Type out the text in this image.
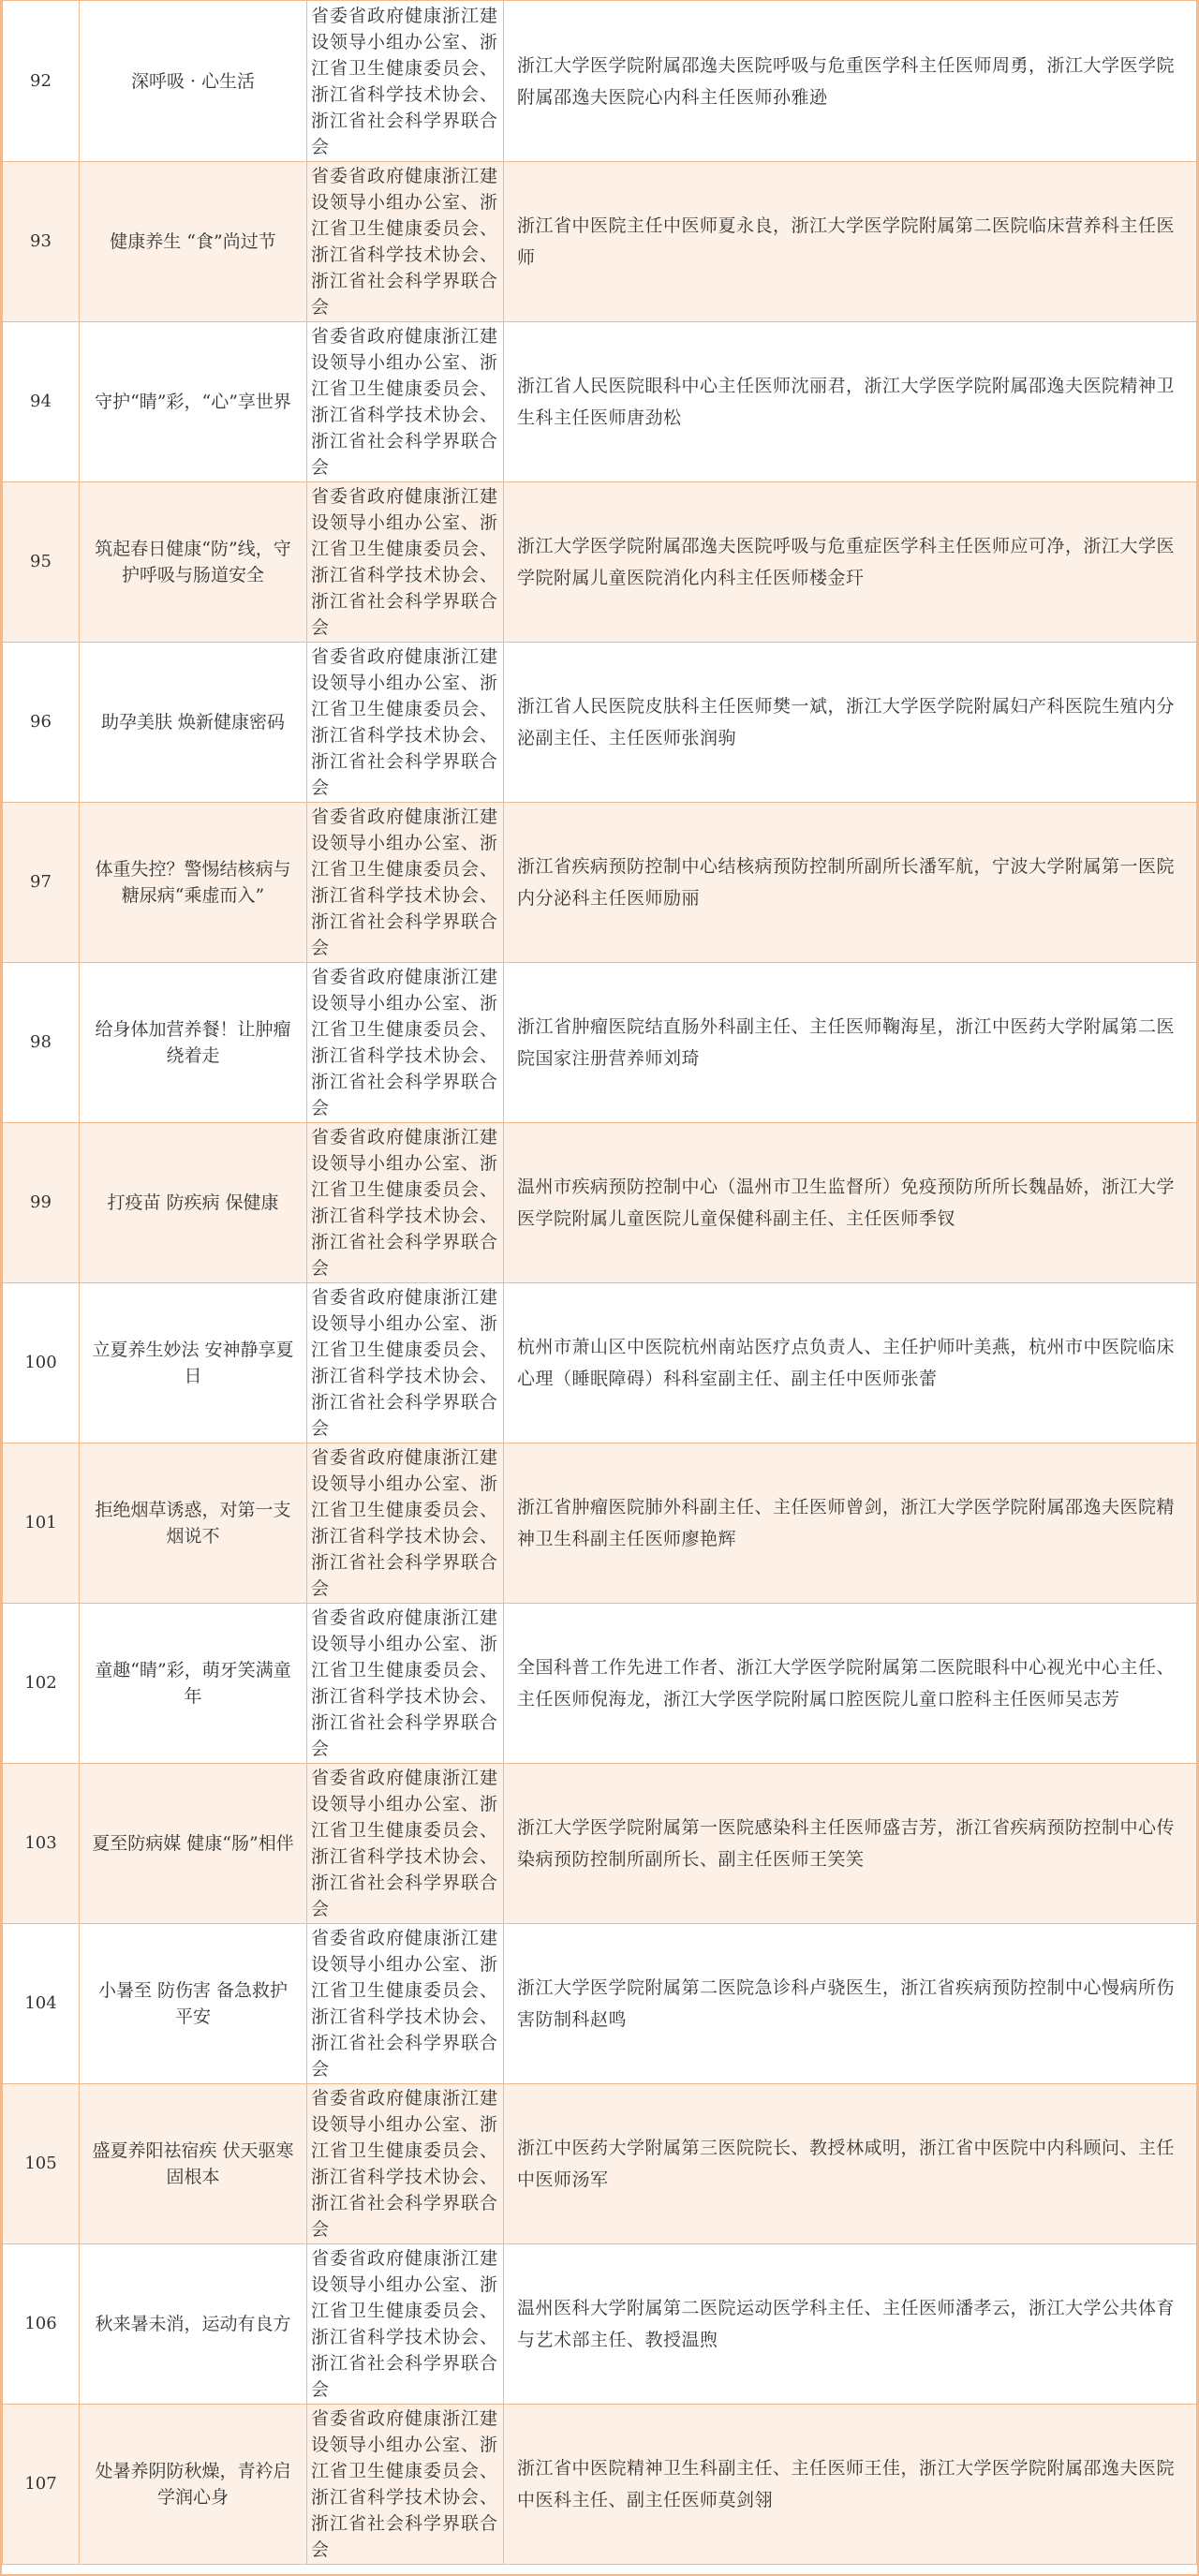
92	深呼吸 · 心生活	省委省政府健康浙江建设领导小组办公室、浙江省卫生健康委员会、浙江省科学技术协会、浙江省社会科学界联合会	浙江大学医学院附属邵逸夫医院呼吸与危重医学科主任医师周勇，浙江大学医学院附属邵逸夫医院心内科主任医师孙雅逊
93	健康养生 “食”尚过节	省委省政府健康浙江建设领导小组办公室、浙江省卫生健康委员会、浙江省科学技术协会、浙江省社会科学界联合会	浙江省中医院主任中医师夏永良，浙江大学医学院附属第二医院临床营养科主任医师
94	守护“睛”彩，“心”享世界	省委省政府健康浙江建设领导小组办公室、浙江省卫生健康委员会、浙江省科学技术协会、浙江省社会科学界联合会	浙江省人民医院眼科中心主任医师沈丽君，浙江大学医学院附属邵逸夫医院精神卫生科主任医师唐劲松
95	筑起春日健康“防”线，守护呼吸与肠道安全	省委省政府健康浙江建设领导小组办公室、浙江省卫生健康委员会、浙江省科学技术协会、浙江省社会科学界联合会	浙江大学医学院附属邵逸夫医院呼吸与危重症医学科主任医师应可净，浙江大学医学院附属儿童医院消化内科主任医师楼金玕
96	助孕美肤 焕新健康密码	省委省政府健康浙江建设领导小组办公室、浙江省卫生健康委员会、浙江省科学技术协会、浙江省社会科学界联合会	浙江省人民医院皮肤科主任医师樊一斌，浙江大学医学院附属妇产科医院生殖内分泌副主任、主任医师张润驹
97	体重失控？警惕结核病与糖尿病“乘虚而入”	省委省政府健康浙江建设领导小组办公室、浙江省卫生健康委员会、浙江省科学技术协会、浙江省社会科学界联合会	浙江省疾病预防控制中心结核病预防控制所副所长潘军航，宁波大学附属第一医院内分泌科主任医师励丽
98	给身体加营养餐！让肿瘤绕着走	省委省政府健康浙江建设领导小组办公室、浙江省卫生健康委员会、浙江省科学技术协会、浙江省社会科学界联合会	浙江省肿瘤医院结直肠外科副主任、主任医师鞠海星，浙江中医药大学附属第二医院国家注册营养师刘琦
99	打疫苗 防疾病 保健康	省委省政府健康浙江建设领导小组办公室、浙江省卫生健康委员会、浙江省科学技术协会、浙江省社会科学界联合会	温州市疾病预防控制中心（温州市卫生监督所）免疫预防所所长魏晶娇，浙江大学医学院附属儿童医院儿童保健科副主任、主任医师季钗
100	立夏养生妙法 安神静享夏日	省委省政府健康浙江建设领导小组办公室、浙江省卫生健康委员会、浙江省科学技术协会、浙江省社会科学界联合会	杭州市萧山区中医院杭州南站医疗点负责人、主任护师叶美燕，杭州市中医院临床心理（睡眠障碍）科科室副主任、副主任中医师张蕾
101	拒绝烟草诱惑，对第一支烟说不	省委省政府健康浙江建设领导小组办公室、浙江省卫生健康委员会、浙江省科学技术协会、浙江省社会科学界联合会	浙江省肿瘤医院肺外科副主任、主任医师曾剑，浙江大学医学院附属邵逸夫医院精神卫生科副主任医师廖艳辉
102	童趣“睛”彩，萌牙笑满童年	省委省政府健康浙江建设领导小组办公室、浙江省卫生健康委员会、浙江省科学技术协会、浙江省社会科学界联合会	全国科普工作先进工作者、浙江大学医学院附属第二医院眼科中心视光中心主任、主任医师倪海龙，浙江大学医学院附属口腔医院儿童口腔科主任医师吴志芳
103	夏至防病媒 健康“肠”相伴	省委省政府健康浙江建设领导小组办公室、浙江省卫生健康委员会、浙江省科学技术协会、浙江省社会科学界联合会	浙江大学医学院附属第一医院感染科主任医师盛吉芳，浙江省疾病预防控制中心传染病预防控制所副所长、副主任医师王笑笑
104	小暑至 防伤害 备急救护平安	省委省政府健康浙江建设领导小组办公室、浙江省卫生健康委员会、浙江省科学技术协会、浙江省社会科学界联合会	浙江大学医学院附属第二医院急诊科卢骁医生，浙江省疾病预防控制中心慢病所伤害防制科赵鸣
105	盛夏养阳祛宿疾 伏天驱寒固根本	省委省政府健康浙江建设领导小组办公室、浙江省卫生健康委员会、浙江省科学技术协会、浙江省社会科学界联合会	浙江中医药大学附属第三医院院长、教授林咸明，浙江省中医院中内科顾问、主任中医师汤军
106	秋来暑未消，运动有良方	省委省政府健康浙江建设领导小组办公室、浙江省卫生健康委员会、浙江省科学技术协会、浙江省社会科学界联合会	温州医科大学附属第二医院运动医学科主任、主任医师潘孝云，浙江大学公共体育与艺术部主任、教授温煦
107	处暑养阴防秋燥，青衿启学润心身	省委省政府健康浙江建设领导小组办公室、浙江省卫生健康委员会、浙江省科学技术协会、浙江省社会科学界联合会	浙江省中医院精神卫生科副主任、主任医师王佳，浙江大学医学院附属邵逸夫医院中医科主任、副主任医师莫剑翎
